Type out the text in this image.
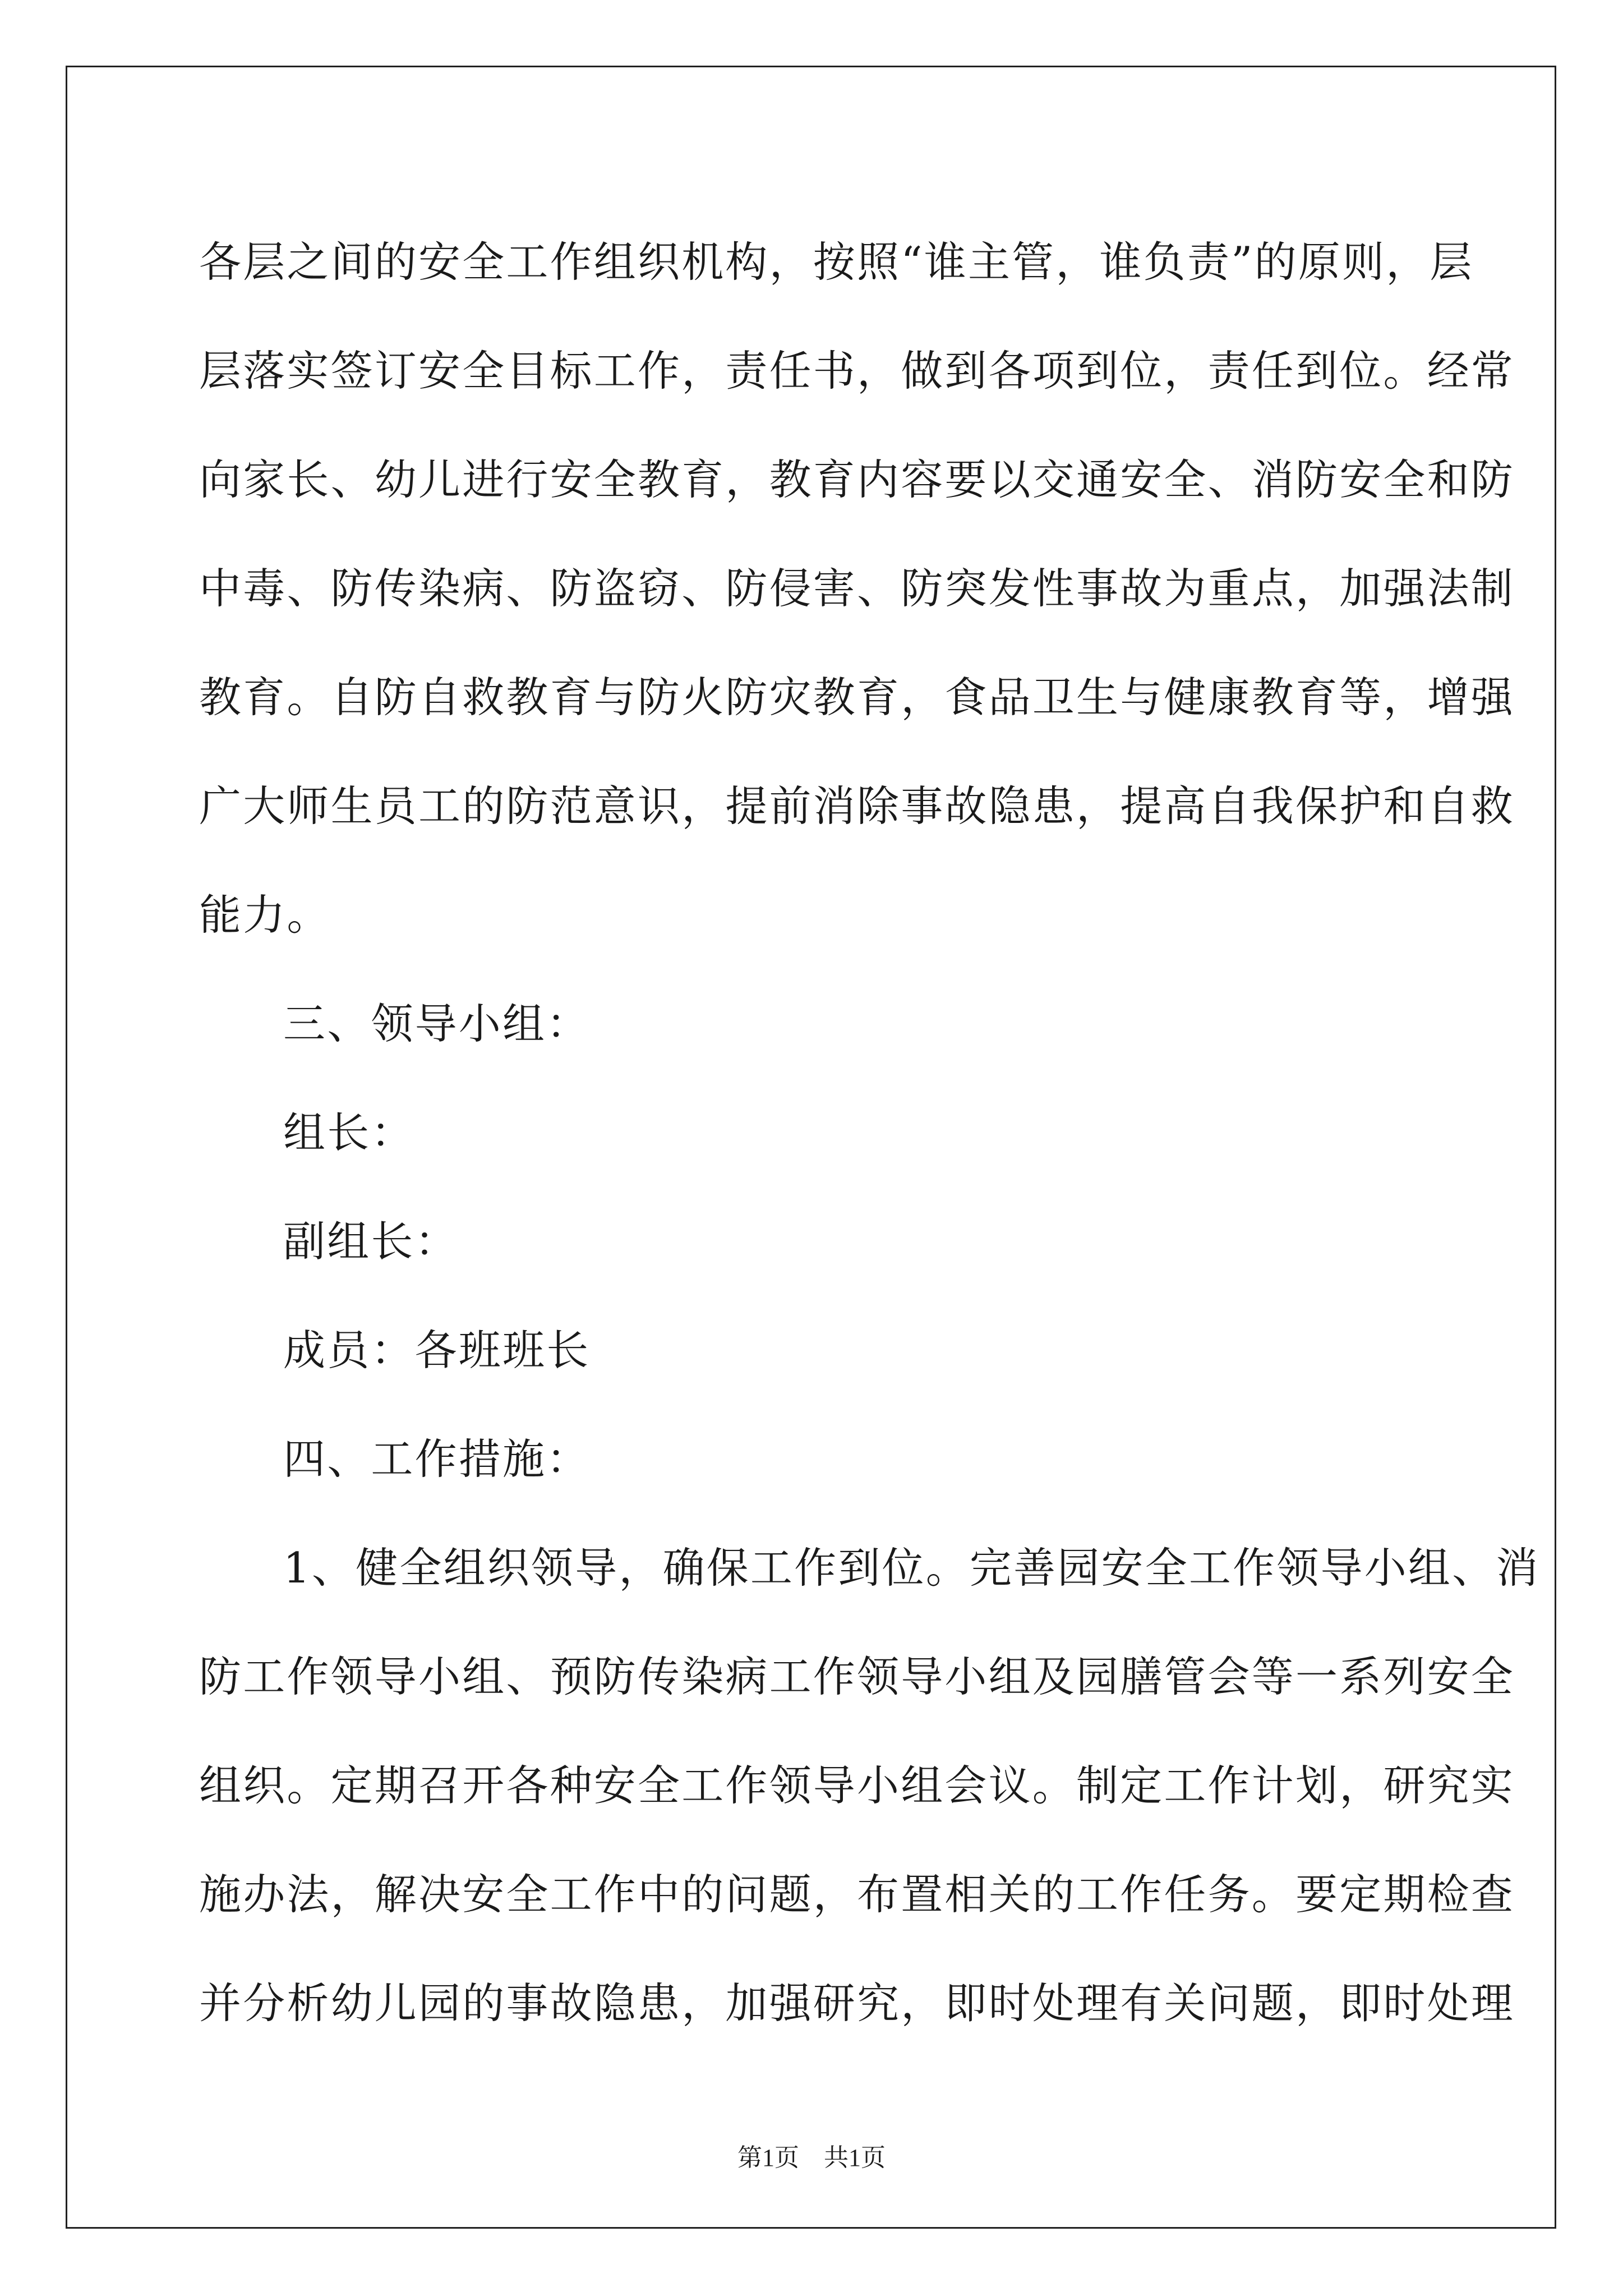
各层之间的安全工作组织机构，按照“谁主管，谁负责”的原则，层
层落实签订安全目标工作，责任书，做到各项到位，责任到位。经常
向家长、幼儿进行安全教育，教育内容要以交通安全、消防安全和防
中毒、防传染病、防盗窃、防侵害、防突发性事故为重点，加强法制
教育。自防自救教育与防火防灾教育，食品卫生与健康教育等，增强
广大师生员工的防范意识，提前消除事故隐患，提高自我保护和自救
能力。
三、领导小组：
组长：
副组长：
成员：各班班长
四、工作措施：
1、健全组织领导，确保工作到位。完善园安全工作领导小组、消
防工作领导小组、预防传染病工作领导小组及园膳管会等一系列安全
组织。定期召开各种安全工作领导小组会议。制定工作计划，研究实
施办法，解决安全工作中的问题，布置相关的工作任务。要定期检查
并分析幼儿园的事故隐患，加强研究，即时处理有关问题，即时处理
第1页　共1页
